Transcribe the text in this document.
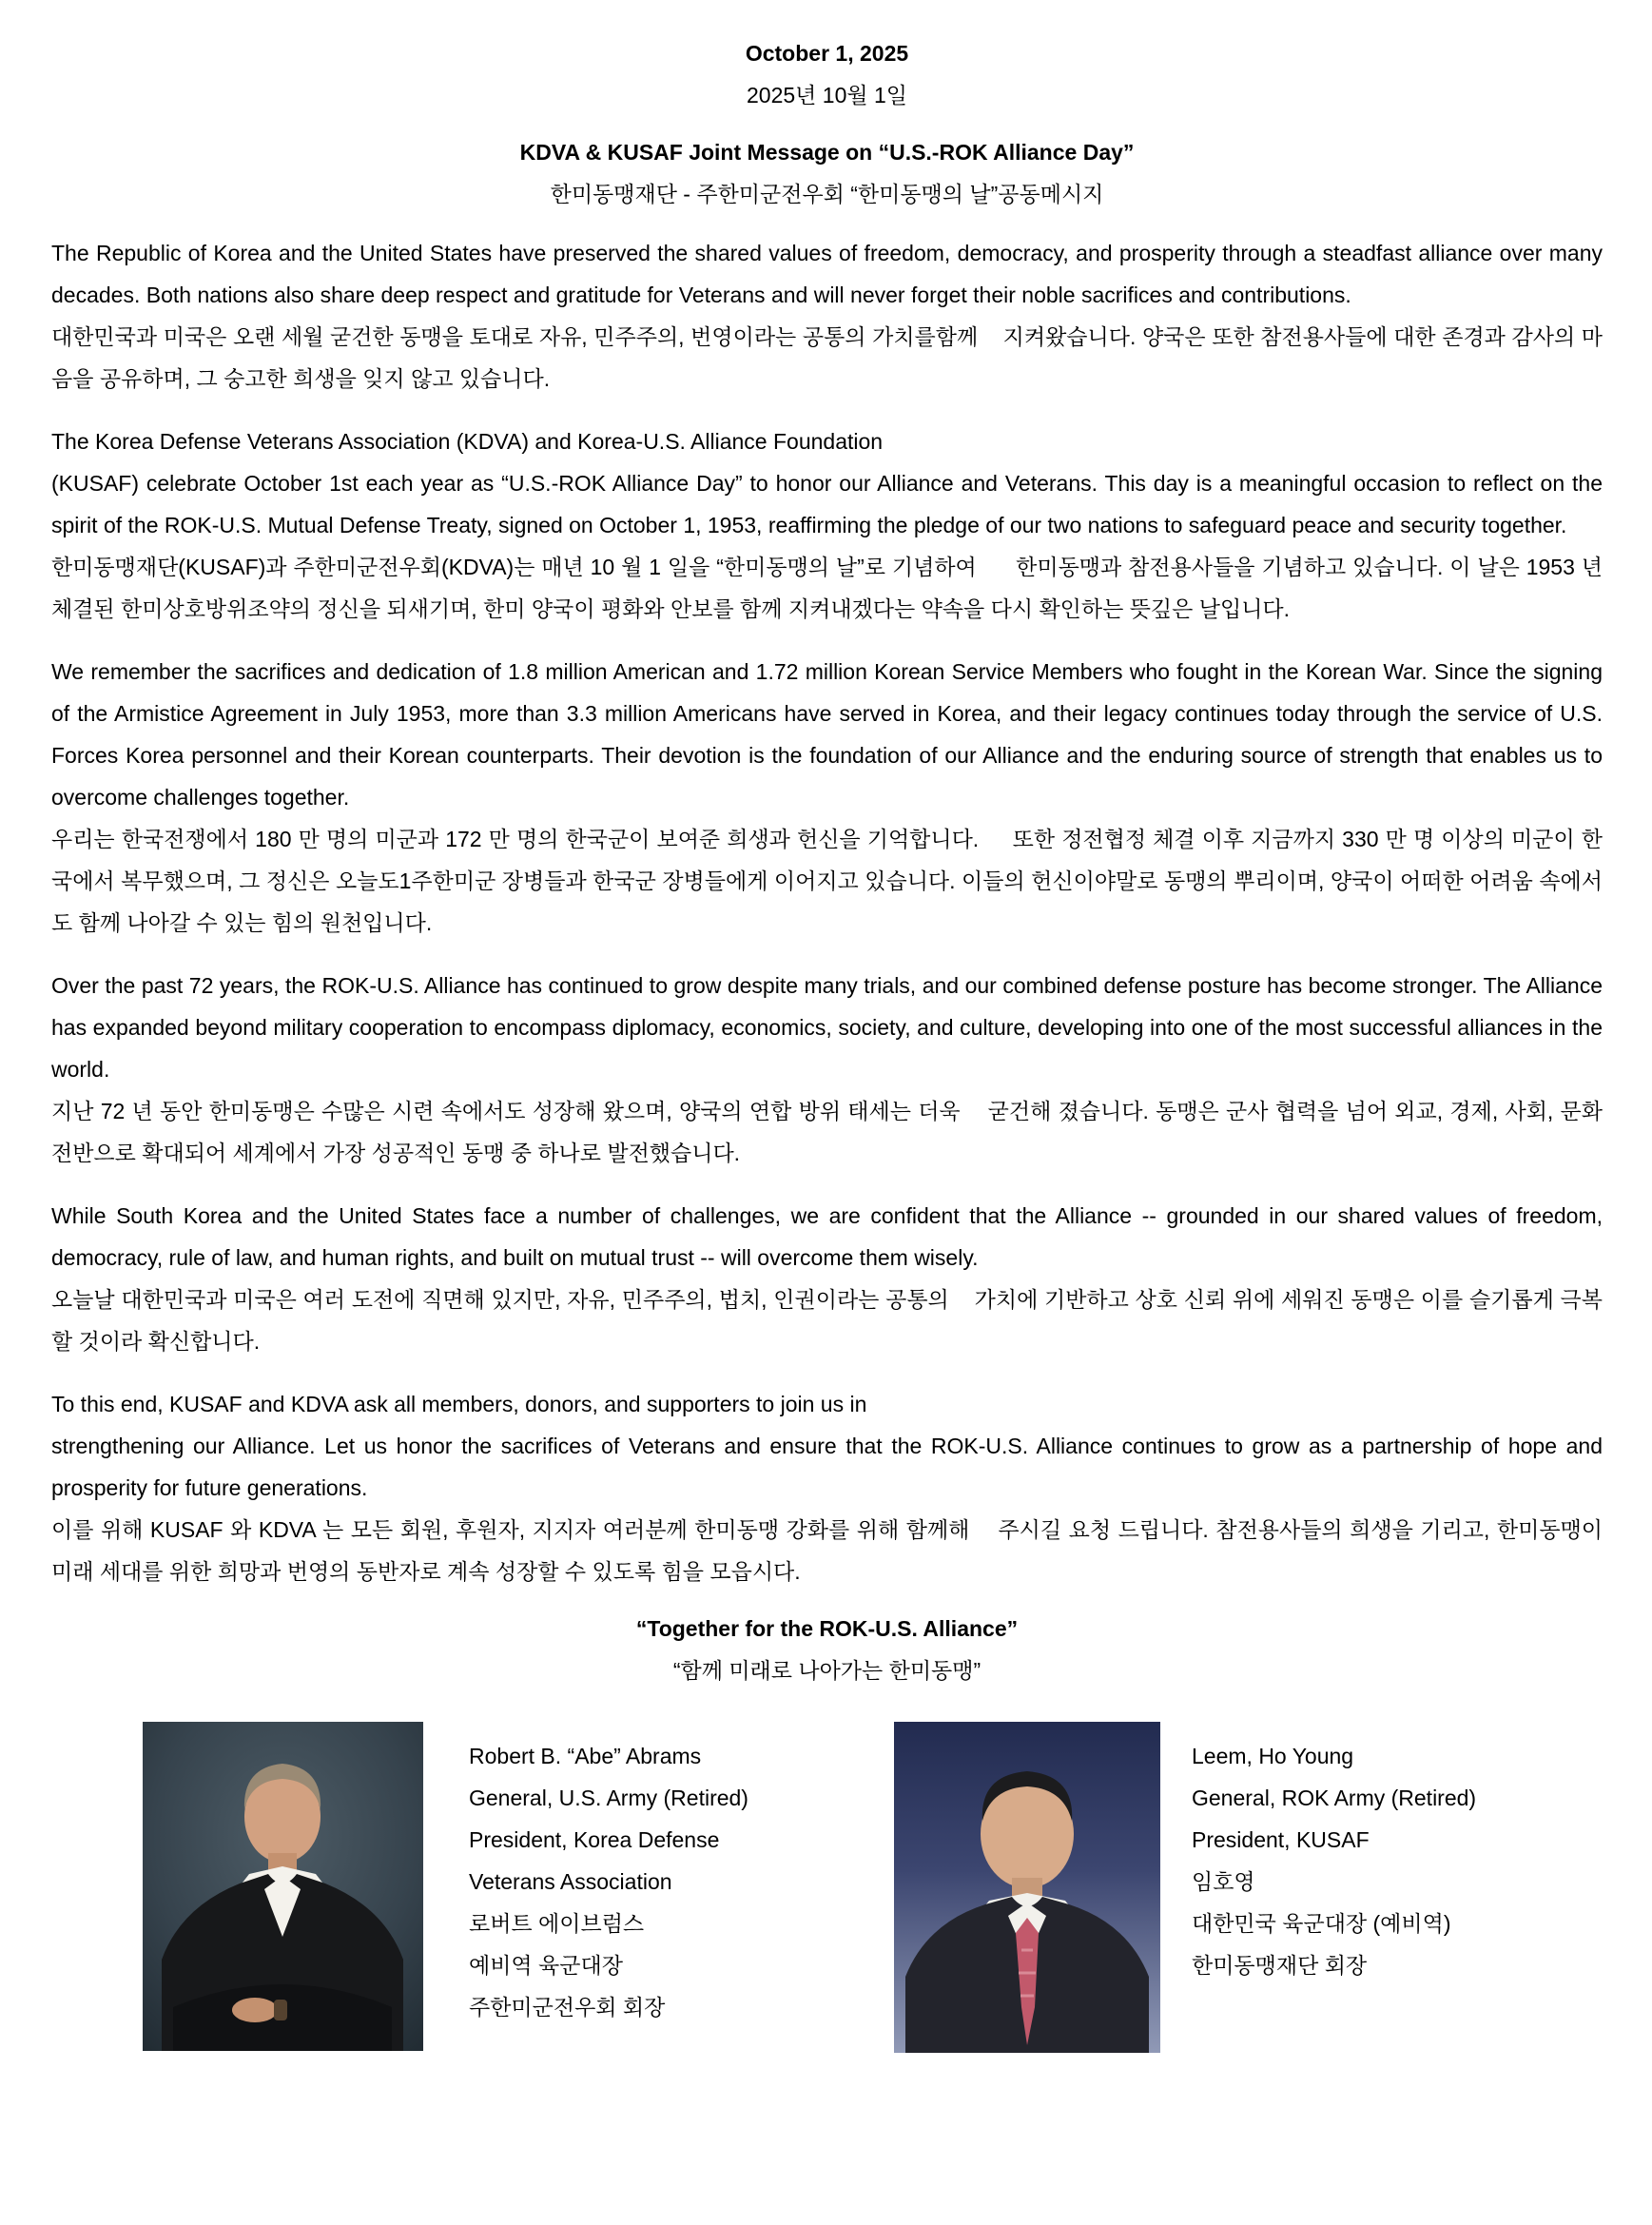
October 1, 2025
2025년 10월 1일
KDVA & KUSAF Joint Message on “U.S.-ROK Alliance Day”
한미동맹재단 - 주한미군전우회 “한미동맹의 날”공동메시지
The Republic of Korea and the United States have preserved the shared values of freedom, democracy, and prosperity through a steadfast alliance over many decades. Both nations also share deep respect and gratitude for Veterans and will never forget their noble sacrifices and contributions.
대한민국과 미국은 오랜 세월 굳건한 동맹을 토대로 자유, 민주주의, 번영이라는 공통의 가치를함께    지켜왔습니다. 양국은 또한 참전용사들에 대한 존경과 감사의 마음을 공유하며, 그 숭고한 희생을 잊지 않고 있습니다.
The Korea Defense Veterans Association (KDVA) and Korea-U.S. Alliance Foundation
(KUSAF) celebrate October 1st each year as “U.S.-ROK Alliance Day” to honor our Alliance and Veterans. This day is a meaningful occasion to reflect on the spirit of the ROK-U.S. Mutual Defense Treaty, signed on October 1, 1953, reaffirming the pledge of our two nations to safeguard peace and security together.
한미동맹재단(KUSAF)과 주한미군전우회(KDVA)는 매년 10 월 1 일을 “한미동맹의 날”로 기념하여      한미동맹과 참전용사들을 기념하고 있습니다. 이 날은 1953 년 체결된 한미상호방위조약의 정신을 되새기며, 한미 양국이 평화와 안보를 함께 지켜내겠다는 약속을 다시 확인하는 뜻깊은 날입니다.
We remember the sacrifices and dedication of 1.8 million American and 1.72 million Korean Service Members who fought in the Korean War. Since the signing of the Armistice Agreement in July 1953, more than 3.3 million Americans have served in Korea, and their legacy continues today through the service of U.S. Forces Korea personnel and their Korean counterparts. Their devotion is the foundation of our Alliance and the enduring source of strength that enables us to overcome challenges together.
우리는 한국전쟁에서 180 만 명의 미군과 172 만 명의 한국군이 보여준 희생과 헌신을 기억합니다.     또한 정전협정 체결 이후 지금까지 330 만 명 이상의 미군이 한국에서 복무했으며, 그 정신은 오늘도1주한미군 장병들과 한국군 장병들에게 이어지고 있습니다. 이들의 헌신이야말로 동맹의 뿌리이며, 양국이 어떠한 어려움 속에서도 함께 나아갈 수 있는 힘의 원천입니다.
Over the past 72 years, the ROK-U.S. Alliance has continued to grow despite many trials, and our combined defense posture has become stronger. The Alliance has expanded beyond military cooperation to encompass diplomacy, economics, society, and culture, developing into one of the most successful alliances in the world.
지난 72 년 동안 한미동맹은 수많은 시련 속에서도 성장해 왔으며, 양국의 연합 방위 태세는 더욱    굳건해 졌습니다. 동맹은 군사 협력을 넘어 외교, 경제, 사회, 문화 전반으로 확대되어 세계에서 가장 성공적인 동맹 중 하나로 발전했습니다.
While South Korea and the United States face a number of challenges, we are confident that the Alliance -- grounded in our shared values of freedom, democracy, rule of law, and human rights, and built on mutual trust -- will overcome them wisely.
오늘날 대한민국과 미국은 여러 도전에 직면해 있지만, 자유, 민주주의, 법치, 인권이라는 공통의    가치에 기반하고 상호 신뢰 위에 세워진 동맹은 이를 슬기롭게 극복할 것이라 확신합니다.
To this end, KUSAF and KDVA ask all members, donors, and supporters to join us in
strengthening our Alliance. Let us honor the sacrifices of Veterans and ensure that the ROK-U.S. Alliance continues to grow as a partnership of hope and prosperity for future generations.
이를 위해 KUSAF 와 KDVA 는 모든 회원, 후원자, 지지자 여러분께 한미동맹 강화를 위해 함께해    주시길 요청 드립니다. 참전용사들의 희생을 기리고, 한미동맹이 미래 세대를 위한 희망과 번영의 동반자로 계속 성장할 수 있도록 힘을 모읍시다.
“Together for the ROK-U.S. Alliance”
“함께 미래로 나아가는 한미동맹”
Robert B. “Abe” Abrams
General, U.S. Army (Retired)
President, Korea Defense
Veterans Association
로버트 에이브럼스
예비역 육군대장
주한미군전우회 회장
Leem, Ho Young
General, ROK Army (Retired)
President, KUSAF
임호영
대한민국 육군대장 (예비역)
한미동맹재단 회장
